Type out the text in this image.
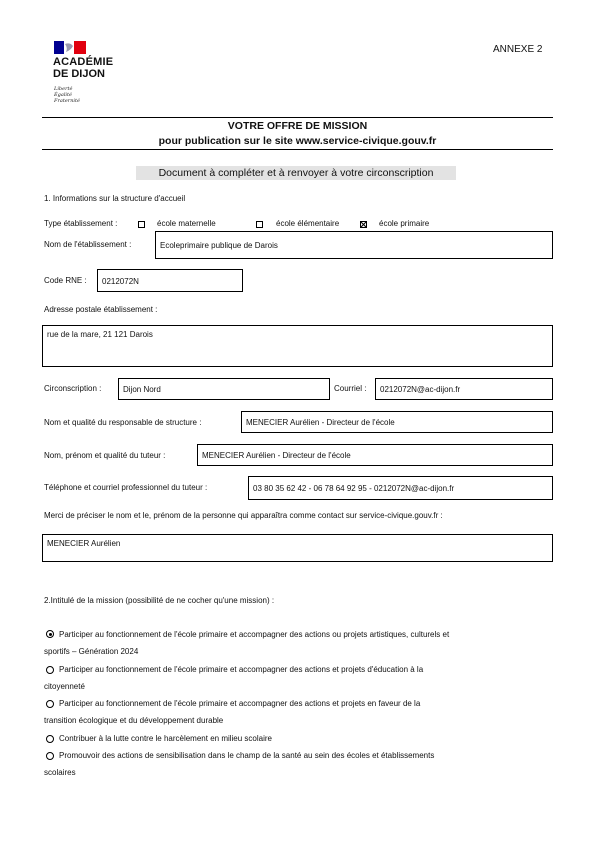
ACADÉMIE
DE DIJON
Liberté
Égalité
Fraternité
ANNEXE 2
VOTRE OFFRE DE MISSION
pour publication sur le site www.service-civique.gouv.fr
Document à compléter et à renvoyer à votre circonscription
1. Informations sur la structure d'accueil
Type établissement :	école maternelle	école élémentaire	école primaire
Nom de l'établissement :	Ecoleprimaire publique de Darois
Code RNE :	0212072N
Adresse postale établissement :
rue de la mare, 21 121 Darois
Circonscription :	Dijon Nord	Courriel :	0212072N@ac-dijon.fr
Nom et qualité du responsable de structure :	MENECIER Aurélien - Directeur de l'école
Nom, prénom et qualité du tuteur :	MENECIER Aurélien - Directeur de l'école
Téléphone et courriel professionnel du tuteur :	03 80 35 62 42 - 06 78 64 92 95 - 0212072N@ac-dijon.fr
Merci de préciser le nom et le, prénom de la personne qui apparaîtra comme contact sur service-civique.gouv.fr :
MENECIER Aurélien
2.Intitulé de la mission (possibilité de ne cocher qu'une mission) :
Participer au fonctionnement de l'école primaire et accompagner des actions ou projets artistiques, culturels et
sportifs – Génération 2024
Participer au fonctionnement de l'école primaire et accompagner des actions et projets d'éducation à la
citoyenneté
Participer au fonctionnement de l'école primaire et accompagner des actions et projets en faveur de la
transition écologique et du développement durable
Contribuer à la lutte contre le harcèlement en milieu scolaire
Promouvoir des actions de sensibilisation dans le champ de la santé au sein des écoles et établissements
scolaires
